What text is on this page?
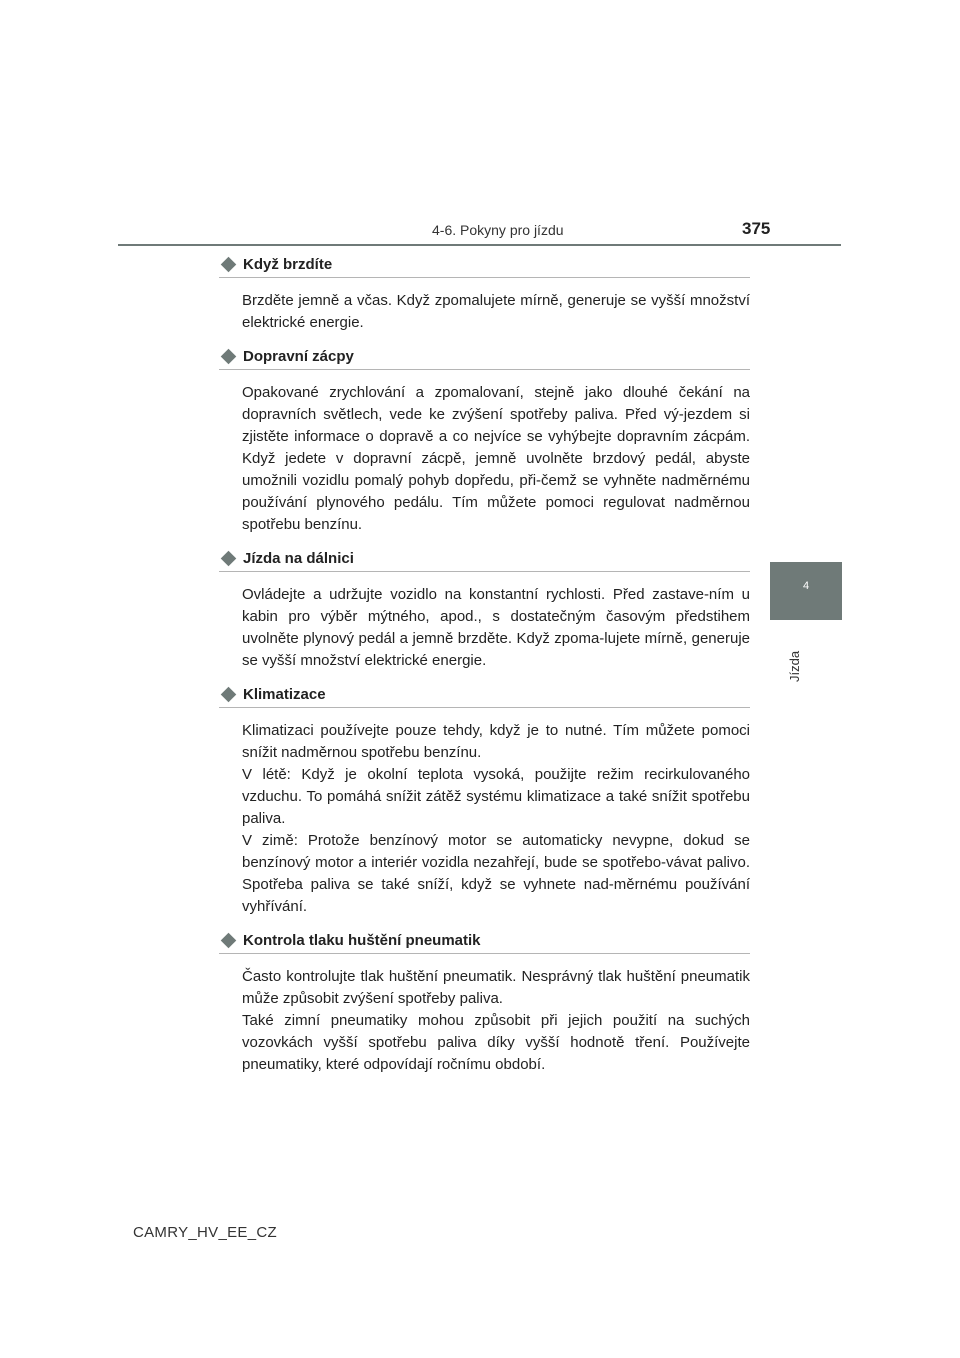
4-6. Pokyny pro jízdu	375
4
Jízda
Když brzdíte

Brzděte jemně a včas. Když zpomalujete mírně, generuje se vyšší množství elektrické energie.

Dopravní zácpy

Opakované zrychlování a zpomalovaní, stejně jako dlouhé čekání na dopravních světlech, vede ke zvýšení spotřeby paliva. Před vý-jezdem si zjistěte informace o dopravě a co nejvíce se vyhýbejte dopravním zácpám. Když jedete v dopravní zácpě, jemně uvolněte brzdový pedál, abyste umožnili vozidlu pomalý pohyb dopředu, při-čemž se vyhněte nadměrnému používání plynového pedálu. Tím můžete pomoci regulovat nadměrnou spotřebu benzínu.

Jízda na dálnici

Ovládejte a udržujte vozidlo na konstantní rychlosti. Před zastave-ním u kabin pro výběr mýtného, apod., s dostatečným časovým předstihem uvolněte plynový pedál a jemně brzděte. Když zpoma-lujete mírně, generuje se vyšší množství elektrické energie.

Klimatizace

Klimatizaci používejte pouze tehdy, když je to nutné. Tím můžete pomoci snížit nadměrnou spotřebu benzínu.

V létě: Když je okolní teplota vysoká, použijte režim recirkulovaného vzduchu. To pomáhá snížit zátěž systému klimatizace a také snížit spotřebu paliva.

V zimě: Protože benzínový motor se automaticky nevypne, dokud se benzínový motor a interiér vozidla nezahřejí, bude se spotřebo-vávat palivo. Spotřeba paliva se také sníží, když se vyhnete nad-měrnému používání vyhřívání.

Kontrola tlaku huštění pneumatik

Často kontrolujte tlak huštění pneumatik. Nesprávný tlak huštění pneumatik může způsobit zvýšení spotřeby paliva.

Také zimní pneumatiky mohou způsobit při jejich použití na suchých vozovkách vyšší spotřebu paliva díky vyšší hodnotě tření. Používejte pneumatiky, které odpovídají ročnímu období.

CAMRY_HV_EE_CZ
